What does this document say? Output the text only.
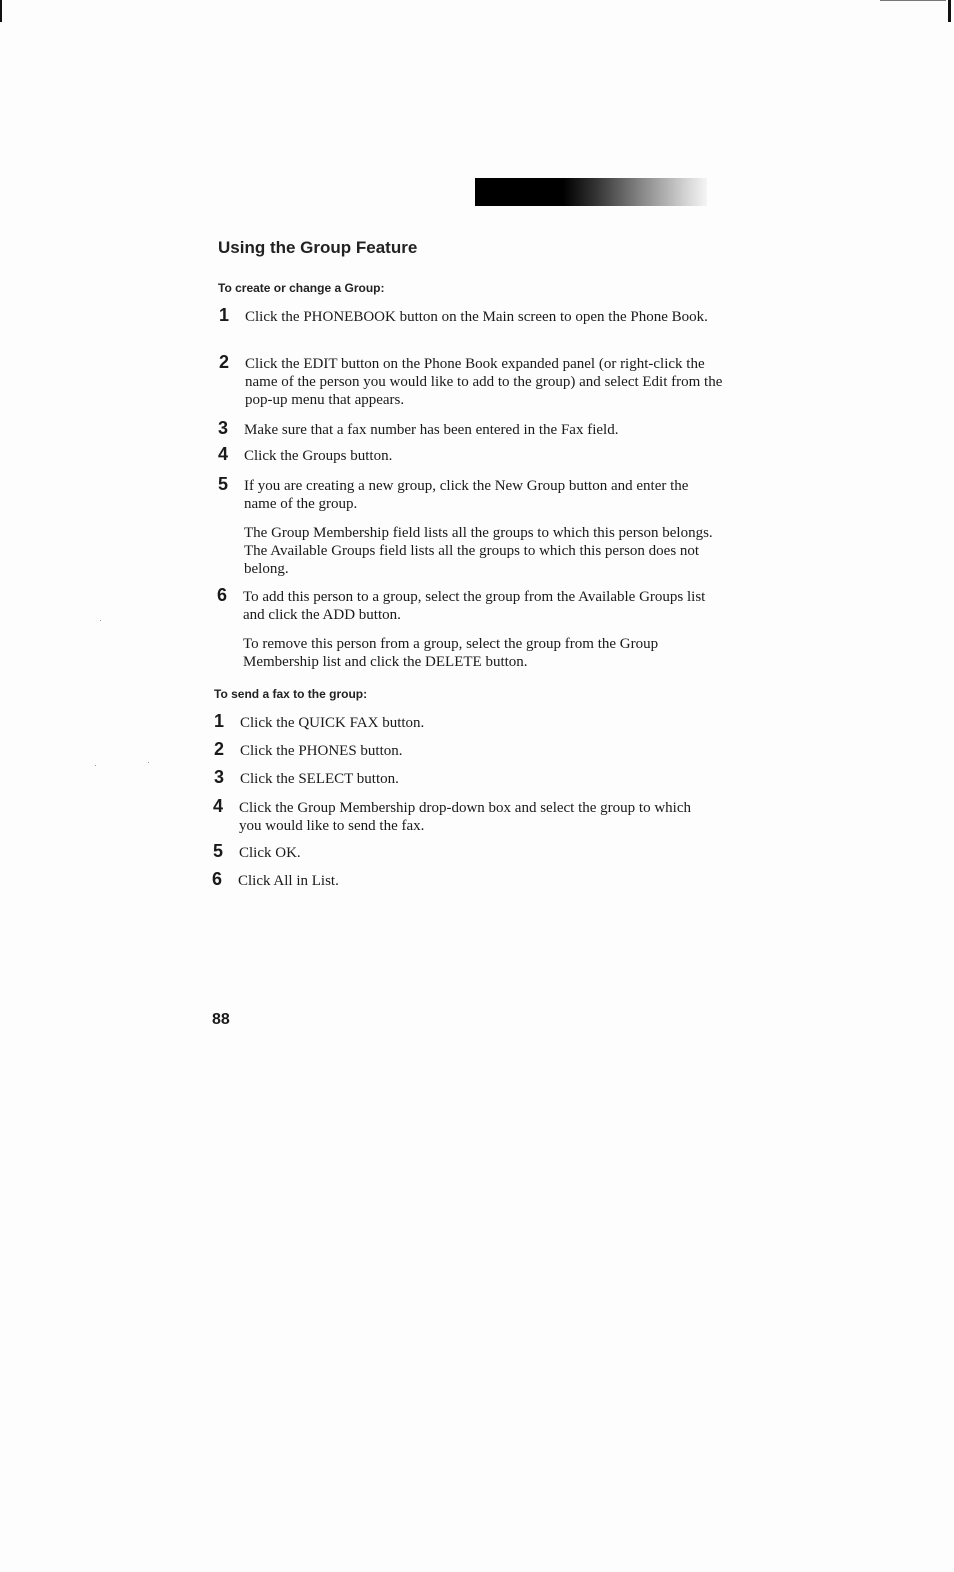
Using the Group Feature
To create or change a Group:
1 Click the PHONEBOOK button on the Main screen to open the Phone Book.
2 Click the EDIT button on the Phone Book expanded panel (or right-click the name of the person you would like to add to the group) and select Edit from the pop-up menu that appears.
3 Make sure that a fax number has been entered in the Fax field.
4 Click the Groups button.
5 If you are creating a new group, click the New Group button and enter the name of the group.
The Group Membership field lists all the groups to which this person belongs. The Available Groups field lists all the groups to which this person does not belong.
6 To add this person to a group, select the group from the Available Groups list and click the ADD button.
To remove this person from a group, select the group from the Group Membership list and click the DELETE button.
To send a fax to the group:
1 Click the QUICK FAX button.
2 Click the PHONES button.
3 Click the SELECT button.
4 Click the Group Membership drop-down box and select the group to which you would like to send the fax.
5 Click OK.
6 Click All in List.
88
